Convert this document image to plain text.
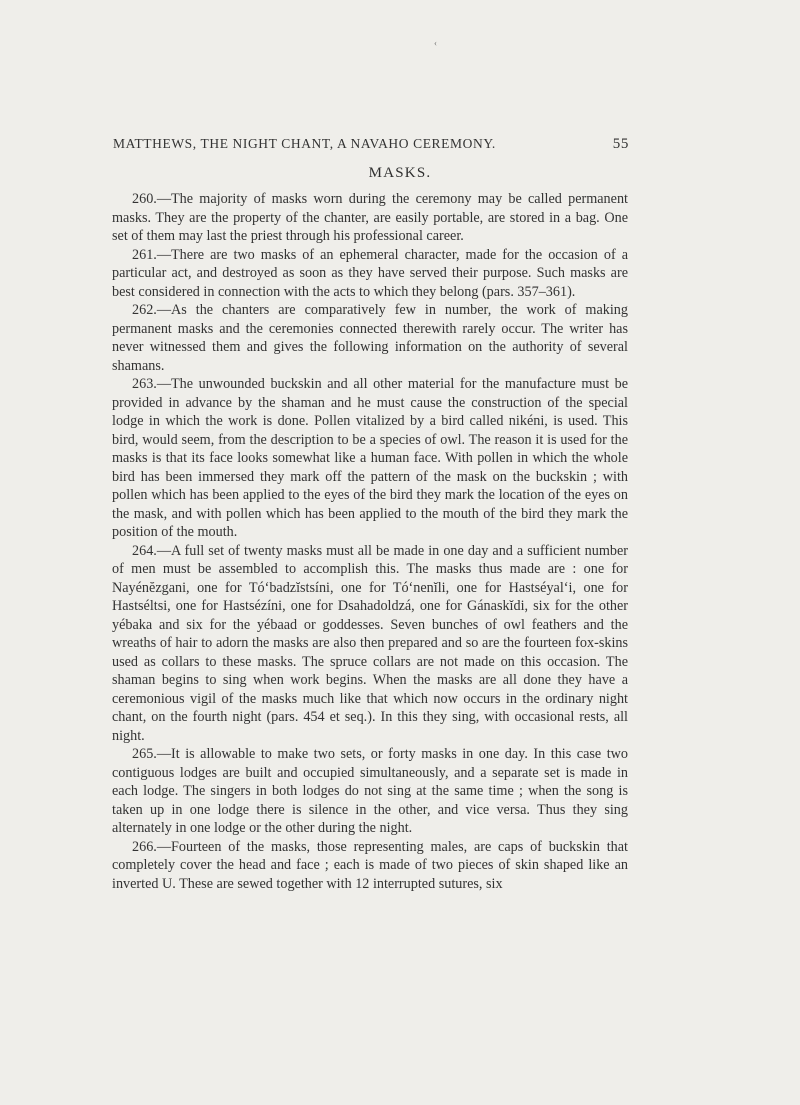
‹
MATTHEWS, THE NIGHT CHANT, A NAVAHO CEREMONY.	55
MASKS.

260.—The majority of masks worn during the ceremony may be called permanent masks. They are the property of the chanter, are easily portable, are stored in a bag. One set of them may last the priest through his professional career.

261.—There are two masks of an ephemeral character, made for the occasion of a particular act, and destroyed as soon as they have served their purpose. Such masks are best considered in connection with the acts to which they belong (pars. 357–361).

262.—As the chanters are comparatively few in number, the work of making permanent masks and the ceremonies connected therewith rarely occur. The writer has never witnessed them and gives the following information on the authority of several shamans.

263.—The unwounded buckskin and all other material for the manufacture must be provided in advance by the shaman and he must cause the construction of the special lodge in which the work is done. Pollen vitalized by a bird called nikéni, is used. This bird, would seem, from the description to be a species of owl. The reason it is used for the masks is that its face looks somewhat like a human face. With pollen in which the whole bird has been immersed they mark off the pattern of the mask on the buckskin ; with pollen which has been applied to the eyes of the bird they mark the location of the eyes on the mask, and with pollen which has been applied to the mouth of the bird they mark the position of the mouth.

264.—A full set of twenty masks must all be made in one day and a sufficient number of men must be assembled to accomplish this. The masks thus made are : one for Nayénĕzgani, one for Tóʻbadzĭstsíni, one for Tóʻnenĭli, one for Hastséyalʻi, one for Hastséltsi, one for Hastsézíni, one for Dsahadoldzá, one for Gánaskĭdi, six for the other yébaka and six for the yébaad or goddesses. Seven bunches of owl feathers and the wreaths of hair to adorn the masks are also then prepared and so are the fourteen fox-skins used as collars to these masks. The spruce collars are not made on this occasion. The shaman begins to sing when work begins. When the masks are all done they have a ceremonious vigil of the masks much like that which now occurs in the ordinary night chant, on the fourth night (pars. 454 et seq.). In this they sing, with occasional rests, all night.

265.—It is allowable to make two sets, or forty masks in one day. In this case two contiguous lodges are built and occupied simultaneously, and a separate set is made in each lodge. The singers in both lodges do not sing at the same time ; when the song is taken up in one lodge there is silence in the other, and vice versa. Thus they sing alternately in one lodge or the other during the night.

266.—Fourteen of the masks, those representing males, are caps of buckskin that completely cover the head and face ; each is made of two pieces of skin shaped like an inverted U. These are sewed together with 12 interrupted sutures, six
